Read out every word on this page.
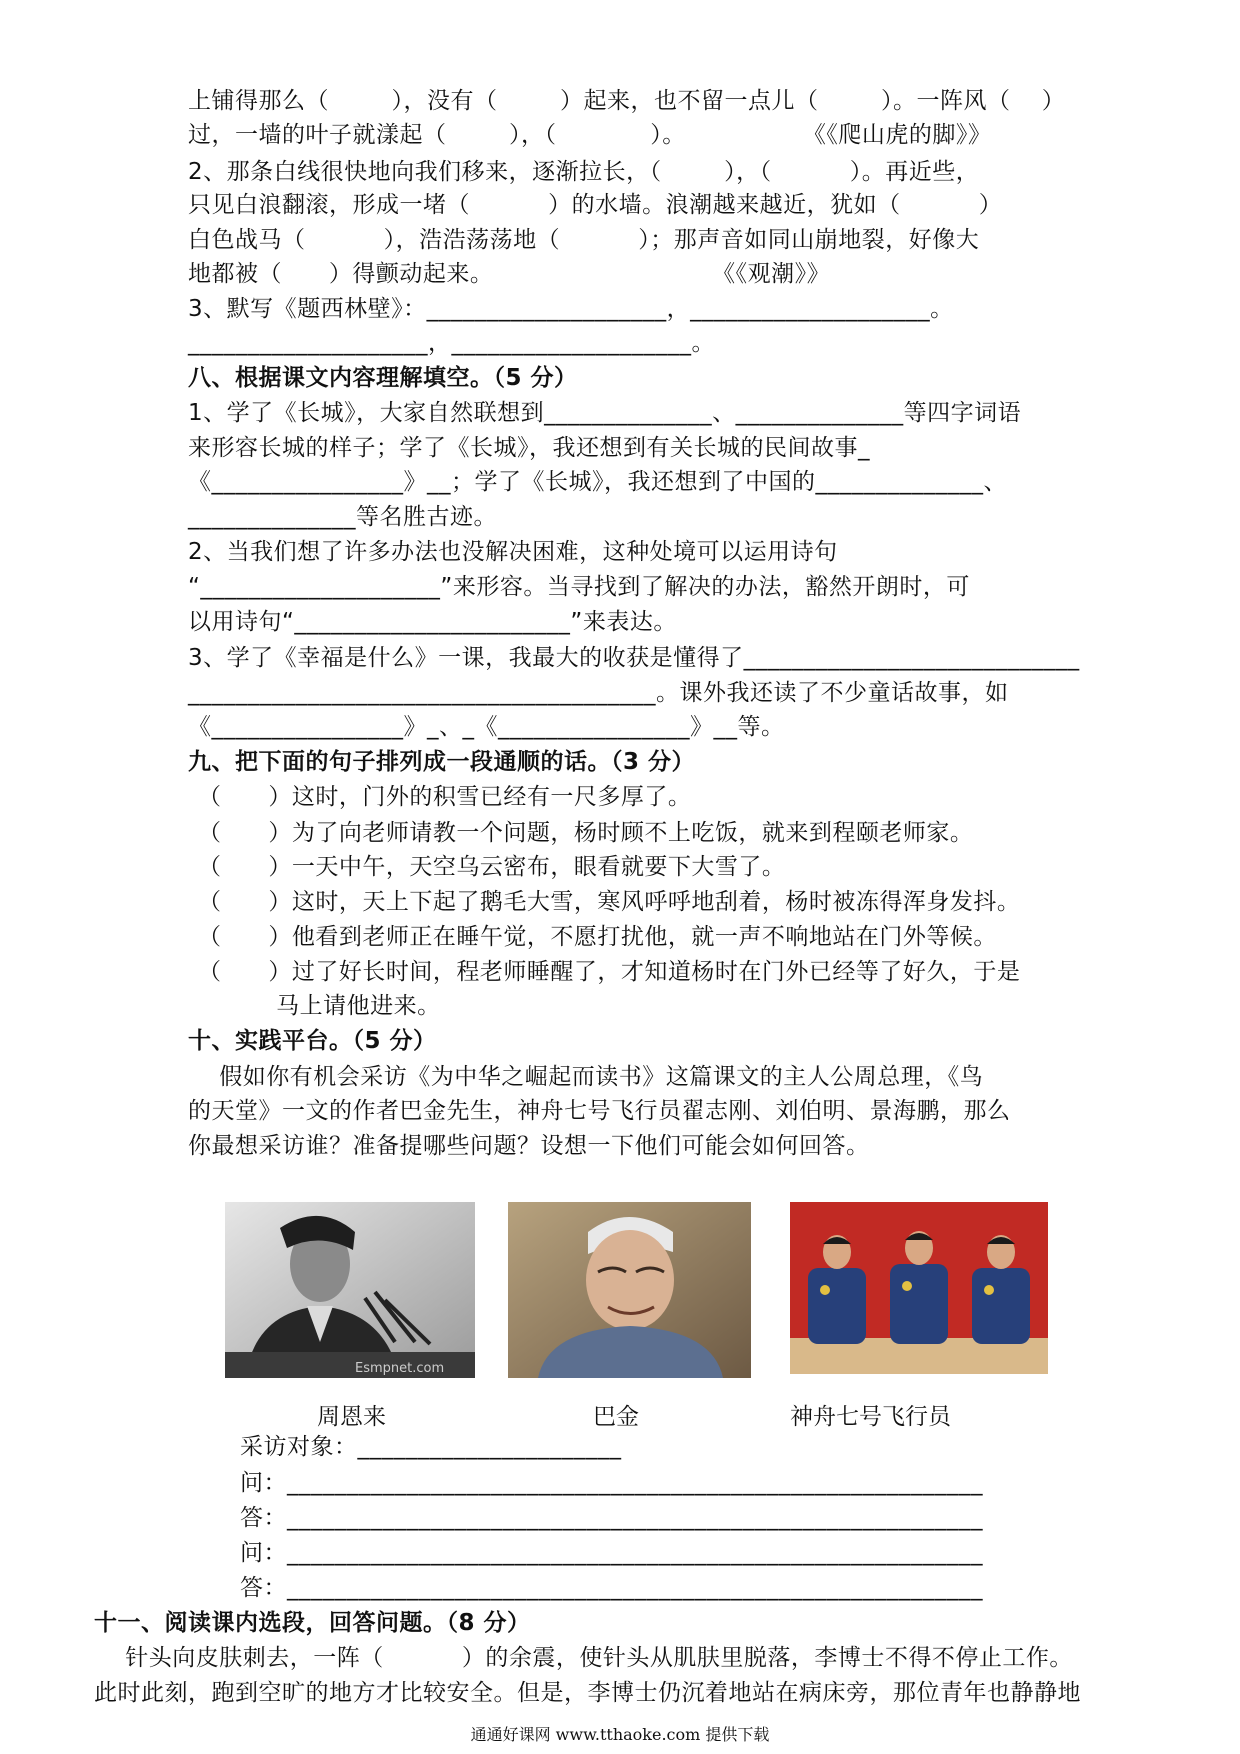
上铺得那么（        ），没有（        ）起来，也不留一点儿（        ）。一阵风（    ）
过，一墙的叶子就漾起（        ），（            ）。               《《爬山虎的脚》》
2、那条白线很快地向我们移来，逐渐拉长，（        ），（          ）。再近些，
只见白浪翻滚，形成一堵（          ）的水墙。浪潮越来越近，犹如（          ）
白色战马（          ），浩浩荡荡地（          ）；那声音如同山崩地裂，好像大
地都被（      ）得颤动起来。                            《《观潮》》
3、默写《题西林壁》：____________________，____________________。
____________________，____________________。
八、根据课文内容理解填空。（5 分）
1、学了《长城》，大家自然联想到______________、______________等四字词语
来形容长城的样子；学了《长城》，我还想到有关长城的民间故事_
《________________》__；学了《长城》，我还想到了中国的______________、
______________等名胜古迹。
2、当我们想了许多办法也没解决困难，这种处境可以运用诗句
“____________________”来形容。当寻找到了解决的办法，豁然开朗时，可
以用诗句“_______________________”来表达。
3、学了《幸福是什么》一课，我最大的收获是懂得了____________________________
_______________________________________。课外我还读了不少童话故事，如
《________________》_、_《________________》__等。
九、把下面的句子排列成一段通顺的话。（3 分）
（      ）这时，门外的积雪已经有一尺多厚了。
（      ）为了向老师请教一个问题，杨时顾不上吃饭，就来到程颐老师家。
（      ）一天中午，天空乌云密布，眼看就要下大雪了。
（      ）这时，天上下起了鹅毛大雪，寒风呼呼地刮着，杨时被冻得浑身发抖。
（      ）他看到老师正在睡午觉，不愿打扰他，就一声不响地站在门外等候。
（      ）过了好长时间，程老师睡醒了，才知道杨时在门外已经等了好久，于是
马上请他进来。
十、实践平台。（5 分）
假如你有机会采访《为中华之崛起而读书》这篇课文的主人公周总理，《鸟
的天堂》一文的作者巴金先生，神舟七号飞行员翟志刚、刘伯明、景海鹏，那么
你最想采访谁？准备提哪些问题？设想一下他们可能会如何回答。
Esmpnet.com
周恩来	巴金	神舟七号飞行员
采访对象：______________________
问：__________________________________________________________
答：__________________________________________________________
问：__________________________________________________________
答：__________________________________________________________
十一、阅读课内选段，回答问题。（8 分）
针头向皮肤刺去，一阵（          ）的余震，使针头从肌肤里脱落，李博士不得不停止工作。
此时此刻，跑到空旷的地方才比较安全。但是，李博士仍沉着地站在病床旁，那位青年也静静地
通通好课网 www.tthaoke.com 提供下载
